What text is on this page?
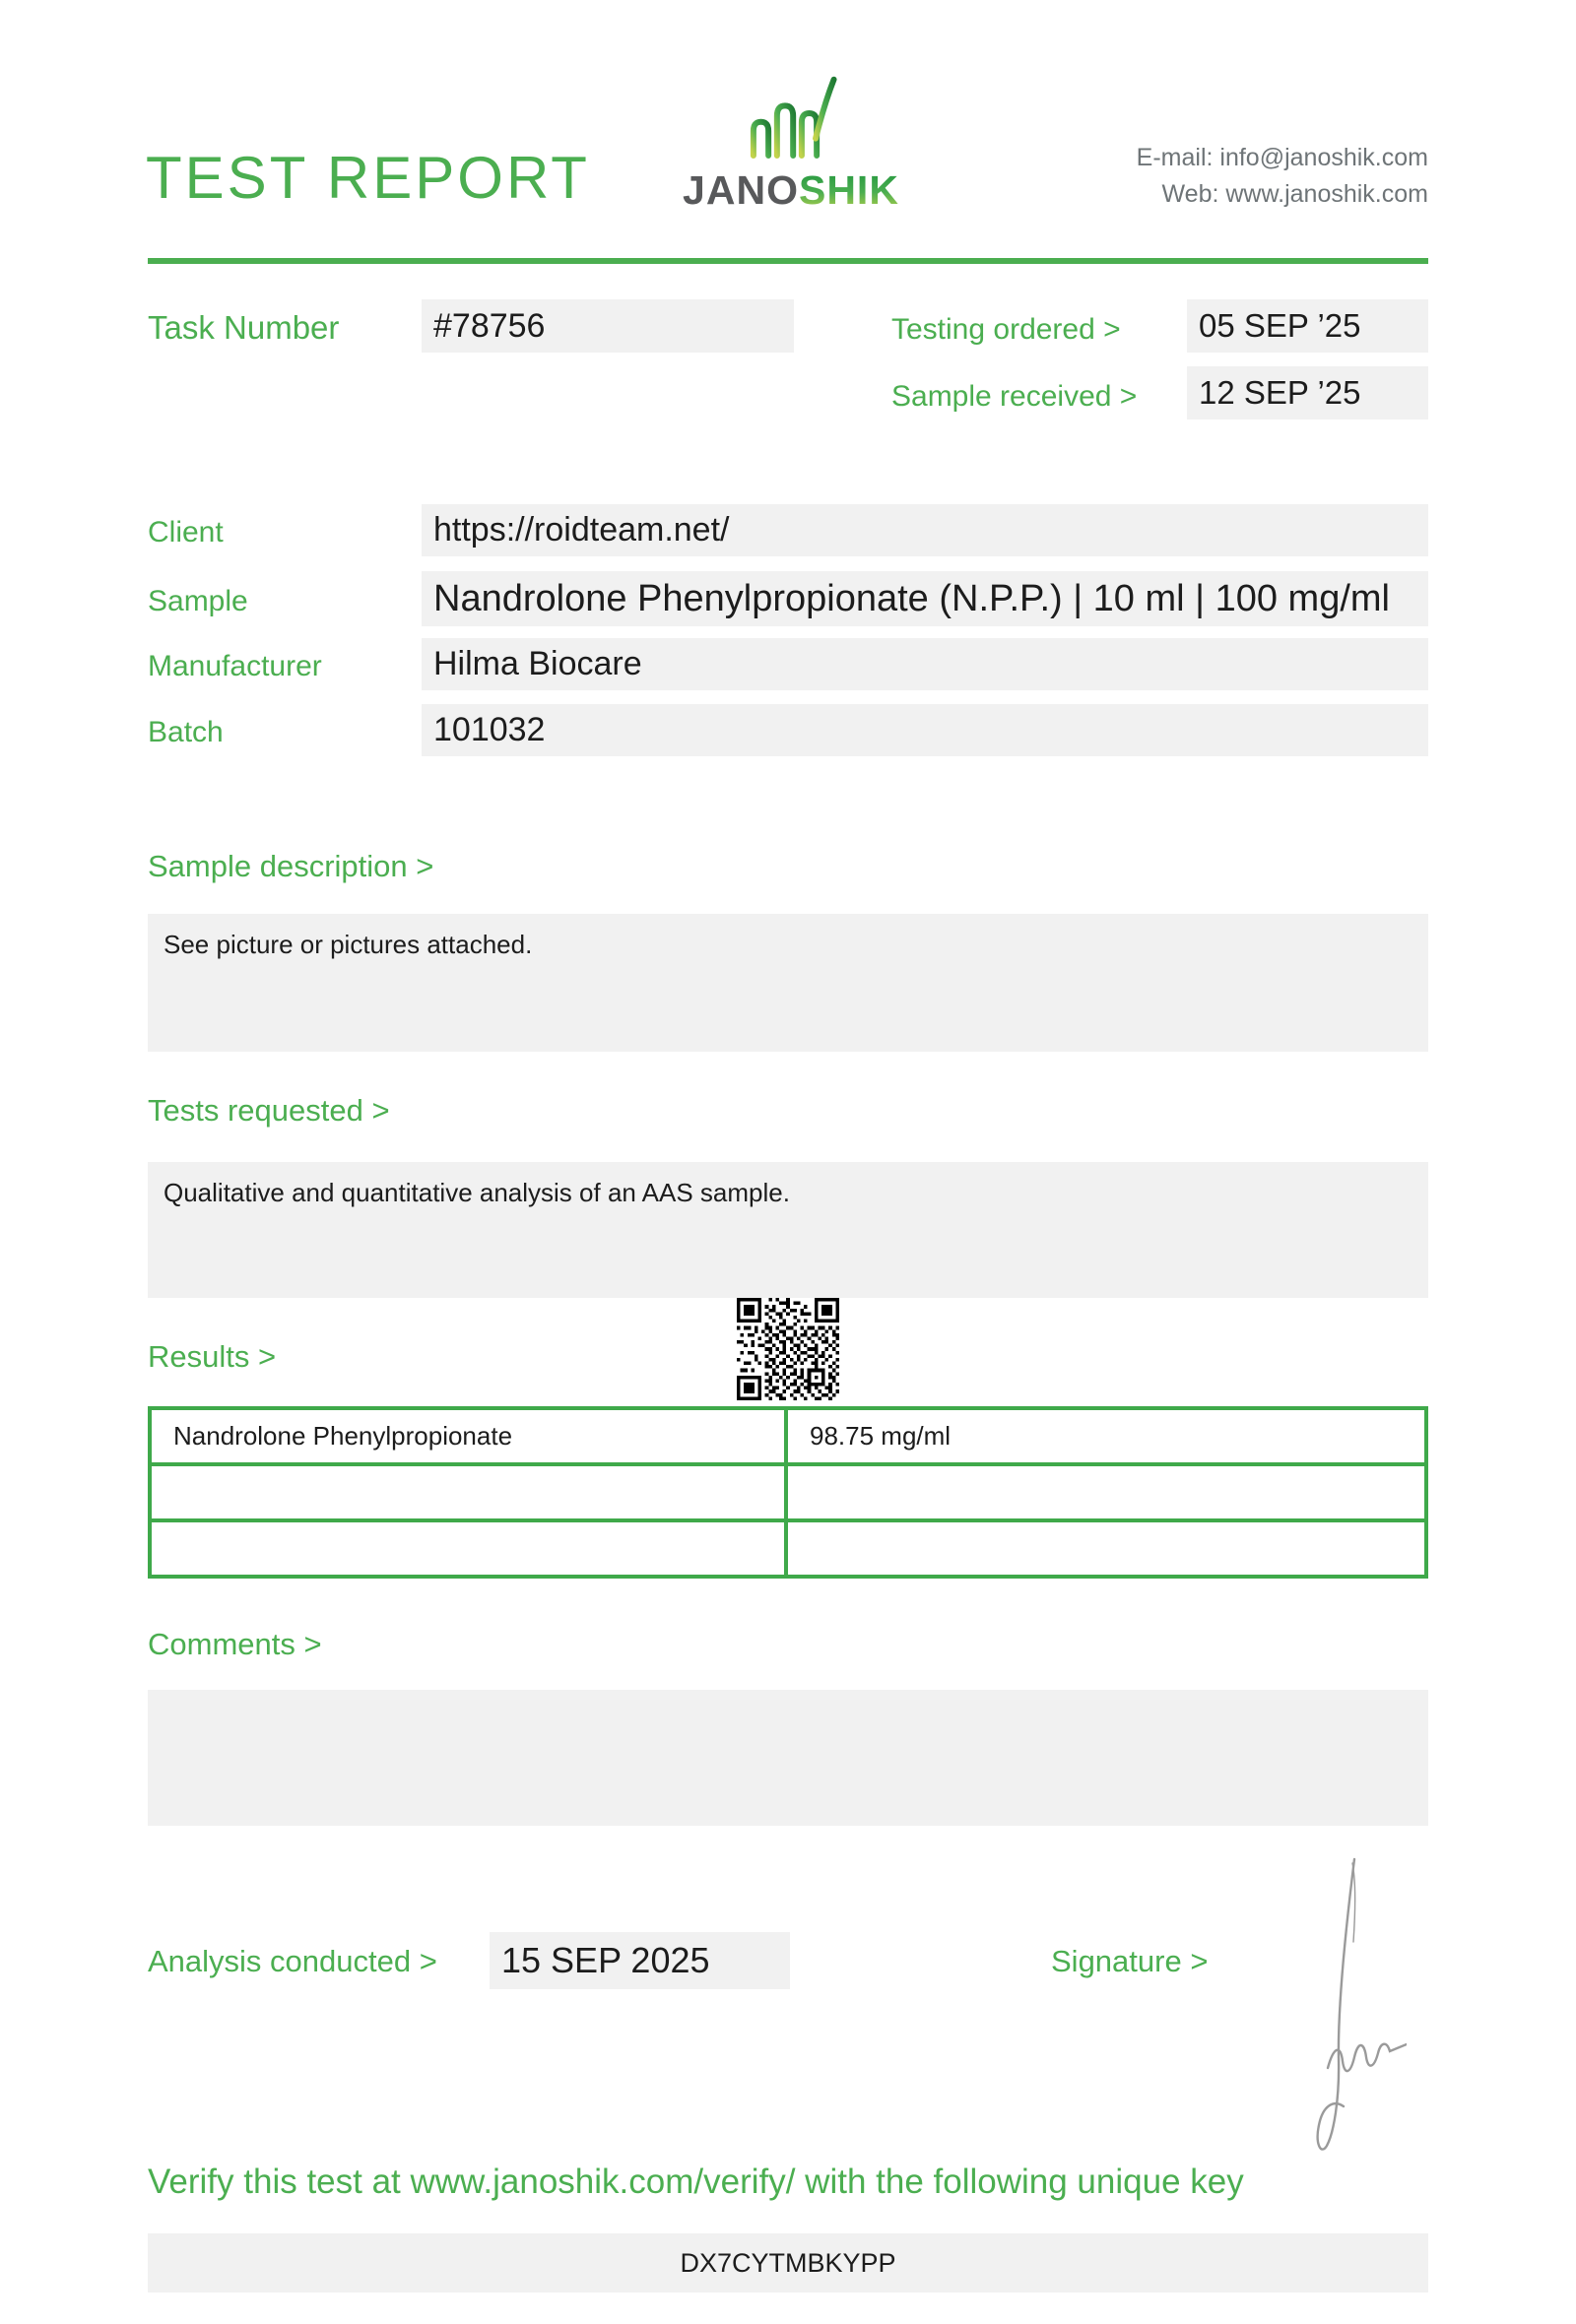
TEST REPORT JANOSHIK
E-mail: info@janoshik.com
Web: www.janoshik.com
Task Number	#78756	Testing ordered >	05 SEP ’25
Sample received >	12 SEP ’25
Client	https://roidteam.net/
Sample	Nandrolone Phenylpropionate (N.P.P.) | 10 ml | 100 mg/ml
Manufacturer	Hilma Biocare
Batch	101032
Sample description >
See picture or pictures attached.
Tests requested >
Qualitative and quantitative analysis of an AAS sample.
Results >
Nandrolone Phenylpropionate	98.75 mg/ml
Comments >
Analysis conducted >	15 SEP 2025	Signature >
Verify this test at www.janoshik.com/verify/ with the following unique key
DX7CYTMBKYPP
